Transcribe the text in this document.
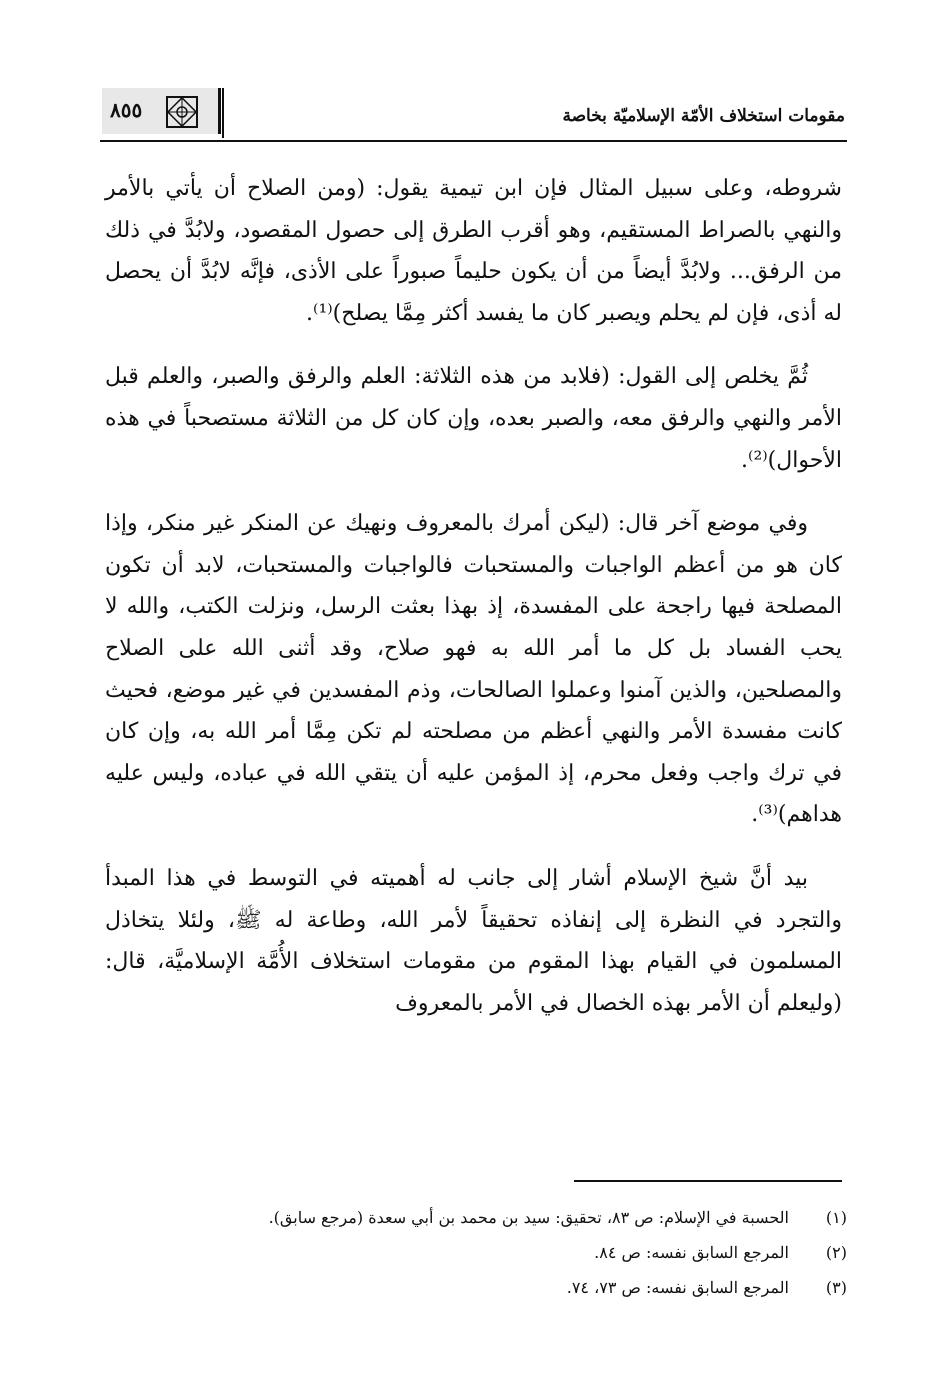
مقومات استخلاف الأمّة الإسلاميّة بخاصة
٨٥٥

شروطه، وعلى سبيل المثال فإن ابن تيمية يقول: (ومن الصلاح أن يأتي بالأمر والنهي بالصراط المستقيم، وهو أقرب الطرق إلى حصول المقصود، ولابُدَّ في ذلك من الرفق... ولابُدَّ أيضاً من أن يكون حليماً صبوراً على الأذى، فإنَّه لابُدَّ أن يحصل له أذى، فإن لم يحلم ويصبر كان ما يفسد أكثر مِمَّا يصلح)⁽¹⁾.

ثُمَّ يخلص إلى القول: (فلابد من هذه الثلاثة: العلم والرفق والصبر، والعلم قبل الأمر والنهي والرفق معه، والصبر بعده، وإن كان كل من الثلاثة مستصحباً في هذه الأحوال)⁽²⁾.

وفي موضع آخر قال: (ليكن أمرك بالمعروف ونهيك عن المنكر غير منكر، وإذا كان هو من أعظم الواجبات والمستحبات فالواجبات والمستحبات، لابد أن تكون المصلحة فيها راجحة على المفسدة، إذ بهذا بعثت الرسل، ونزلت الكتب، والله لا يحب الفساد بل كل ما أمر الله به فهو صلاح، وقد أثنى الله على الصلاح والمصلحين، والذين آمنوا وعملوا الصالحات، وذم المفسدين في غير موضع، فحيث كانت مفسدة الأمر والنهي أعظم من مصلحته لم تكن مِمَّا أمر الله به، وإن كان في ترك واجب وفعل محرم، إذ المؤمن عليه أن يتقي الله في عباده، وليس عليه هداهم)⁽³⁾.

بيد أنَّ شيخ الإسلام أشار إلى جانب له أهميته في التوسط في هذا المبدأ والتجرد في النظرة إلى إنفاذه تحقيقاً لأمر الله، وطاعة له ﷺ، ولئلا يتخاذل المسلمون في القيام بهذا المقوم من مقومات استخلاف الأُمَّة الإسلاميَّة، قال: (وليعلم أن الأمر بهذه الخصال في الأمر بالمعروف

(١)
الحسبة في الإسلام: ص ٨٣، تحقيق: سيد بن محمد بن أبي سعدة (مرجع سابق).
(٢)
المرجع السابق نفسه: ص ٨٤.
(٣)
المرجع السابق نفسه: ص ٧٣، ٧٤.
